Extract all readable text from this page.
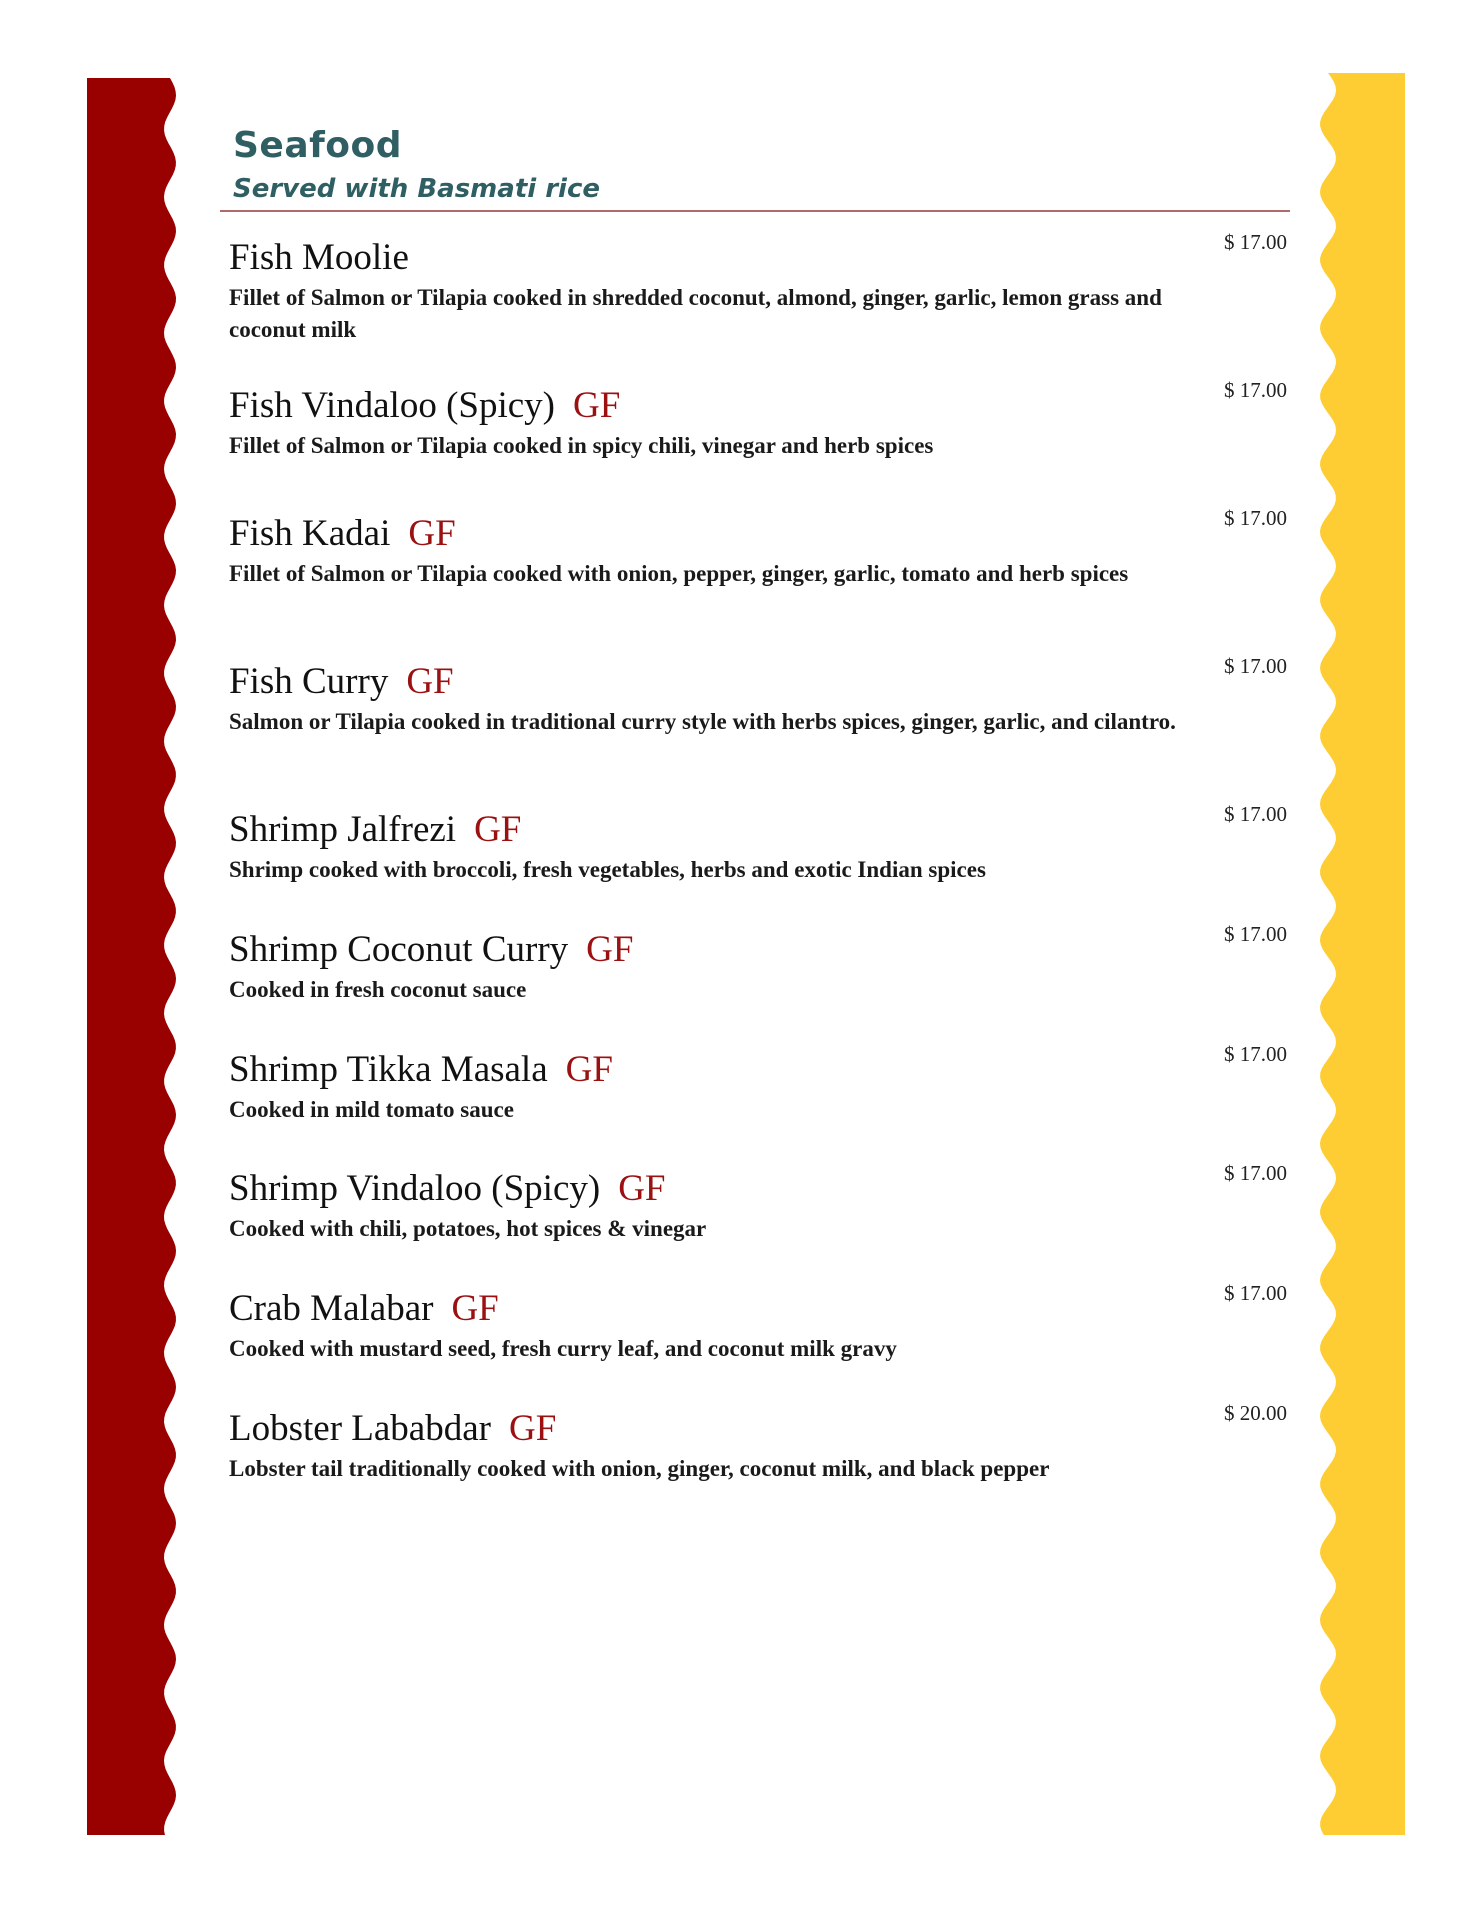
Seafood
Served with Basmati rice
Fish Moolie
Fillet of Salmon or Tilapia cooked in shredded coconut, almond, ginger, garlic, lemon grass and coconut milk
$ 17.00
Fish Vindaloo (Spicy) GF
Fillet of Salmon or Tilapia cooked in spicy chili, vinegar and herb spices
$ 17.00
Fish Kadai GF
Fillet of Salmon or Tilapia cooked with onion, pepper, ginger, garlic, tomato and herb spices
$ 17.00
Fish Curry GF
Salmon or Tilapia cooked in traditional curry style with herbs spices, ginger, garlic, and cilantro.
$ 17.00
Shrimp Jalfrezi GF
Shrimp cooked with broccoli, fresh vegetables, herbs and exotic Indian spices
$ 17.00
Shrimp Coconut Curry GF
Cooked in fresh coconut sauce
$ 17.00
Shrimp Tikka Masala GF
Cooked in mild tomato sauce
$ 17.00
Shrimp Vindaloo (Spicy) GF
Cooked with chili, potatoes, hot spices & vinegar
$ 17.00
Crab Malabar GF
Cooked with mustard seed, fresh curry leaf, and coconut milk gravy
$ 17.00
Lobster Lababdar GF
Lobster tail traditionally cooked with onion, ginger, coconut milk, and black pepper
$ 20.00
